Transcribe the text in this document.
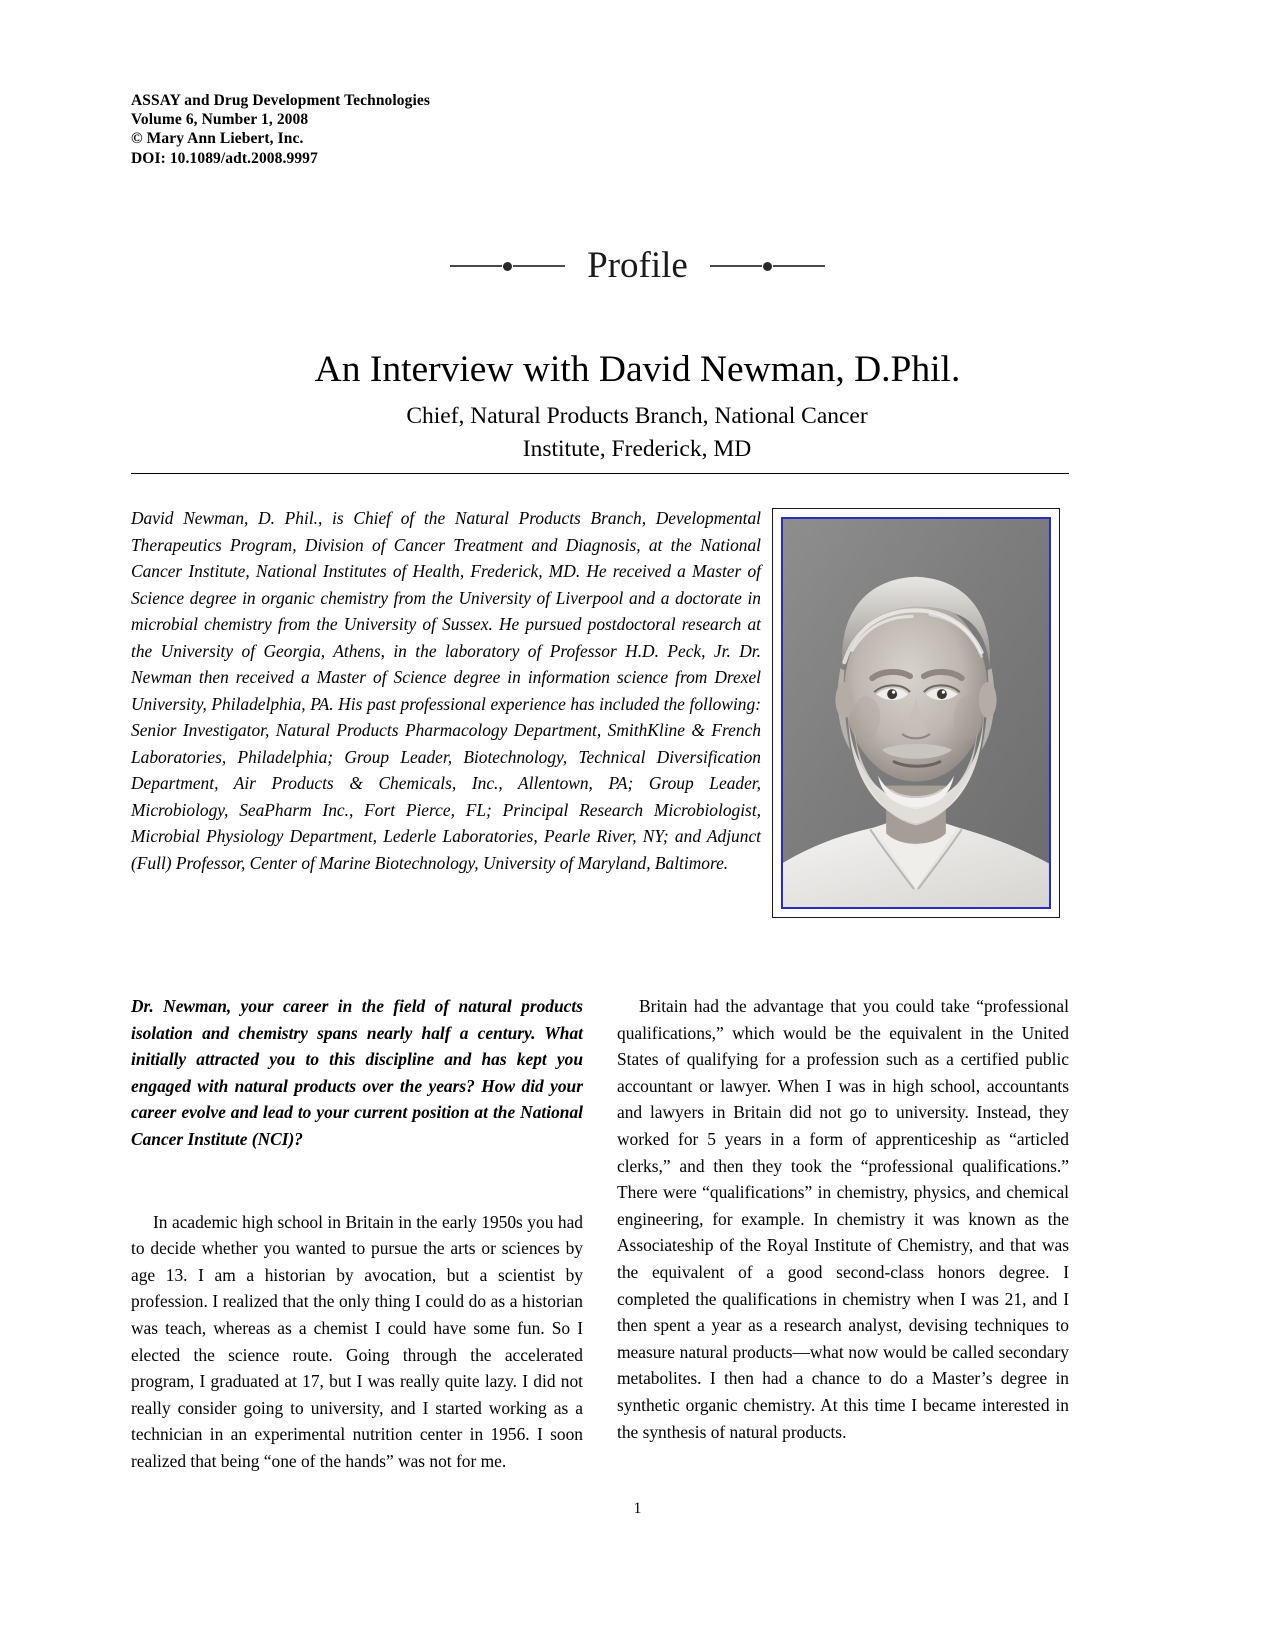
ASSAY and Drug Development Technologies
Volume 6, Number 1, 2008
© Mary Ann Liebert, Inc.
DOI: 10.1089/adt.2008.9997
Profile
An Interview with David Newman, D.Phil.
Chief, Natural Products Branch, National Cancer
Institute, Frederick, MD
David Newman, D. Phil., is Chief of the Natural Products Branch, Developmental Therapeutics Program, Division of Cancer Treatment and Diagnosis, at the National Cancer Institute, National Institutes of Health, Frederick, MD. He received a Master of Science degree in organic chemistry from the University of Liverpool and a doctorate in microbial chemistry from the University of Sussex. He pursued postdoctoral research at the University of Georgia, Athens, in the laboratory of Professor H.D. Peck, Jr. Dr. Newman then received a Master of Science degree in information science from Drexel University, Philadelphia, PA. His past professional experience has included the following: Senior Investigator, Natural Products Pharmacology Department, SmithKline & French Laboratories, Philadelphia; Group Leader, Biotechnology, Technical Diversification Department, Air Products & Chemicals, Inc., Allentown, PA; Group Leader, Microbiology, SeaPharm Inc., Fort Pierce, FL; Principal Research Microbiologist, Microbial Physiology Department, Lederle Laboratories, Pearle River, NY; and Adjunct (Full) Professor, Center of Marine Biotechnology, University of Maryland, Baltimore.

Dr. Newman, your career in the field of natural products isolation and chemistry spans nearly half a century. What initially attracted you to this discipline and has kept you engaged with natural products over the years? How did your career evolve and lead to your current position at the National Cancer Institute (NCI)?

In academic high school in Britain in the early 1950s you had to decide whether you wanted to pursue the arts or sciences by age 13. I am a historian by avocation, but a scientist by profession. I realized that the only thing I could do as a historian was teach, whereas as a chemist I could have some fun. So I elected the science route. Going through the accelerated program, I graduated at 17, but I was really quite lazy. I did not really consider going to university, and I started working as a technician in an experimental nutrition center in 1956. I soon realized that being “one of the hands” was not for me.

Britain had the advantage that you could take “professional qualifications,” which would be the equivalent in the United States of qualifying for a profession such as a certified public accountant or lawyer. When I was in high school, accountants and lawyers in Britain did not go to university. Instead, they worked for 5 years in a form of apprenticeship as “articled clerks,” and then they took the “professional qualifications.” There were “qualifications” in chemistry, physics, and chemical engineering, for example. In chemistry it was known as the Associateship of the Royal Institute of Chemistry, and that was the equivalent of a good second-class honors degree. I completed the qualifications in chemistry when I was 21, and I then spent a year as a research analyst, devising techniques to measure natural products—what now would be called secondary metabolites. I then had a chance to do a Master’s degree in synthetic organic chemistry. At this time I became interested in the synthesis of natural products.

1
